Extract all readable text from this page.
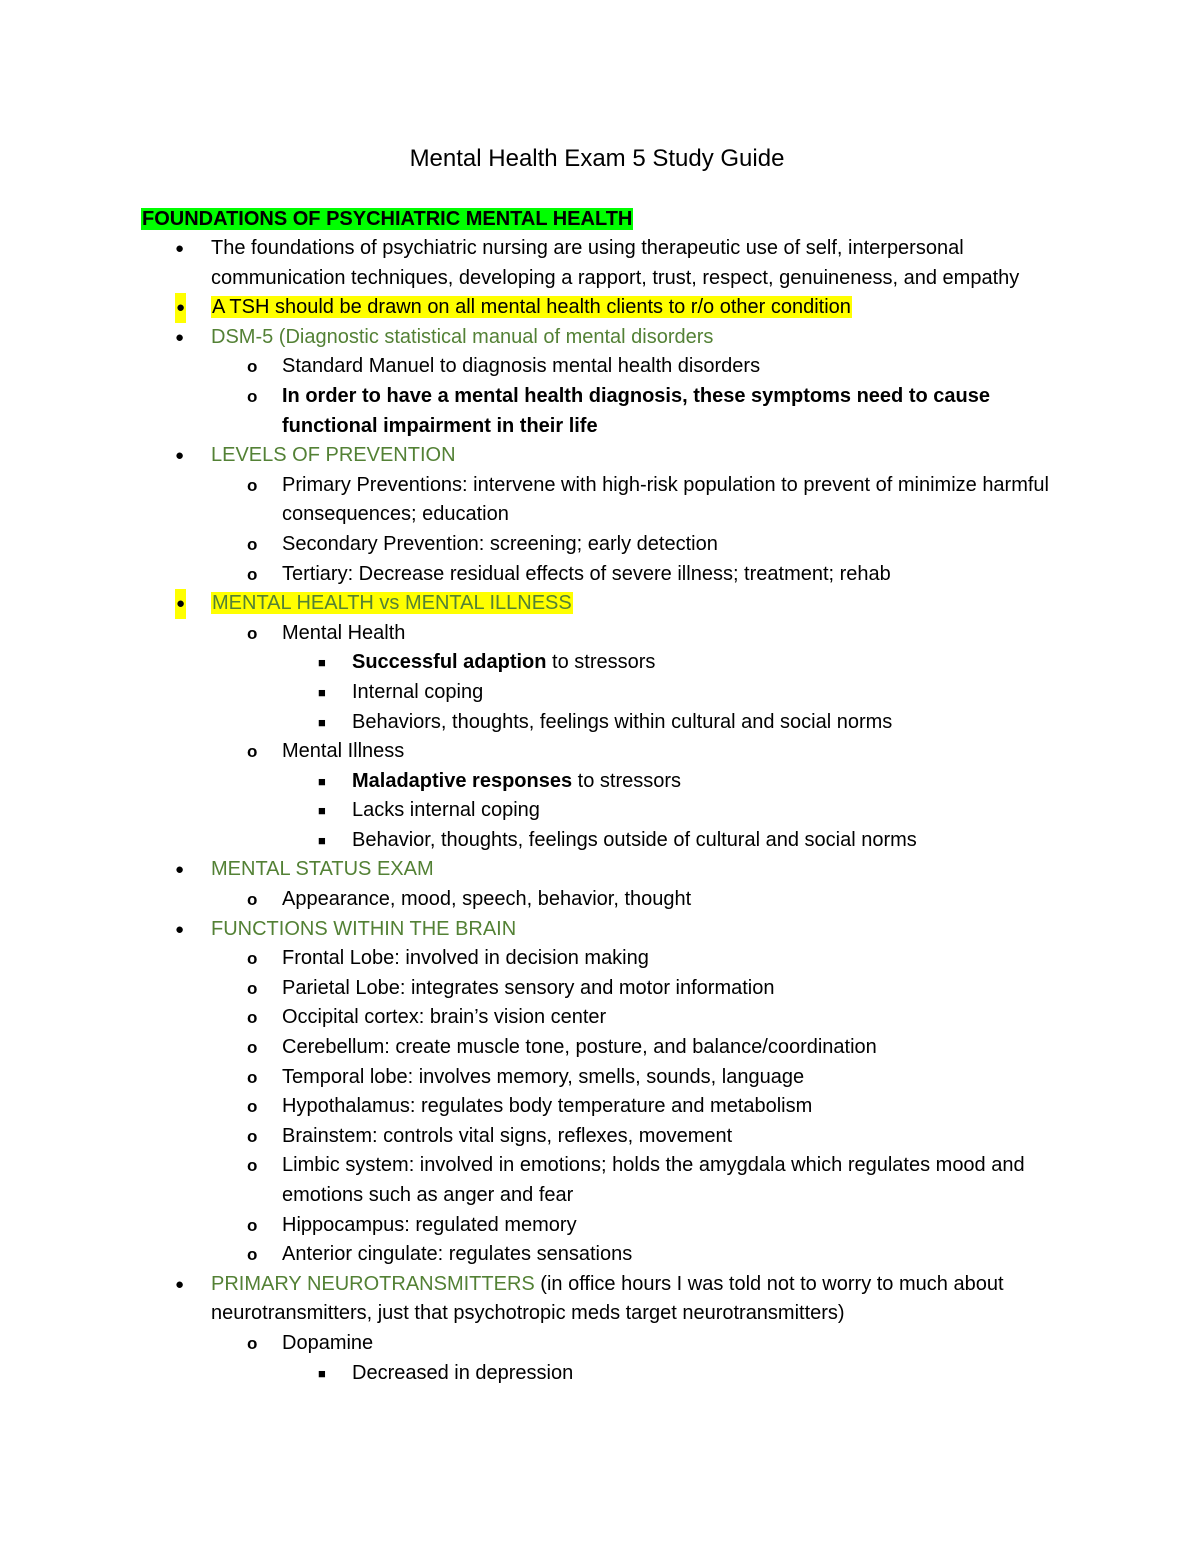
Mental Health Exam 5 Study Guide
FOUNDATIONS OF PSYCHIATRIC MENTAL HEALTH
● The foundations of psychiatric nursing are using therapeutic use of self, interpersonal communication techniques, developing a rapport, trust, respect, genuineness, and empathy
● A TSH should be drawn on all mental health clients to r/o other condition
● DSM-5 (Diagnostic statistical manual of mental disorders
o Standard Manuel to diagnosis mental health disorders
o In order to have a mental health diagnosis, these symptoms need to cause functional impairment in their life
● LEVELS OF PREVENTION
o Primary Preventions: intervene with high-risk population to prevent of minimize harmful consequences; education
o Secondary Prevention: screening; early detection
o Tertiary: Decrease residual effects of severe illness; treatment; rehab
● MENTAL HEALTH vs MENTAL ILLNESS
o Mental Health
■ Successful adaption to stressors
■ Internal coping
■ Behaviors, thoughts, feelings within cultural and social norms
o Mental Illness
■ Maladaptive responses to stressors
■ Lacks internal coping
■ Behavior, thoughts, feelings outside of cultural and social norms
● MENTAL STATUS EXAM
o Appearance, mood, speech, behavior, thought
● FUNCTIONS WITHIN THE BRAIN
o Frontal Lobe: involved in decision making
o Parietal Lobe: integrates sensory and motor information
o Occipital cortex: brain’s vision center
o Cerebellum: create muscle tone, posture, and balance/coordination
o Temporal lobe: involves memory, smells, sounds, language
o Hypothalamus: regulates body temperature and metabolism
o Brainstem: controls vital signs, reflexes, movement
o Limbic system: involved in emotions; holds the amygdala which regulates mood and emotions such as anger and fear
o Hippocampus: regulated memory
o Anterior cingulate: regulates sensations
● PRIMARY NEUROTRANSMITTERS (in office hours I was told not to worry to much about neurotransmitters, just that psychotropic meds target neurotransmitters)
o Dopamine
■ Decreased in depression
